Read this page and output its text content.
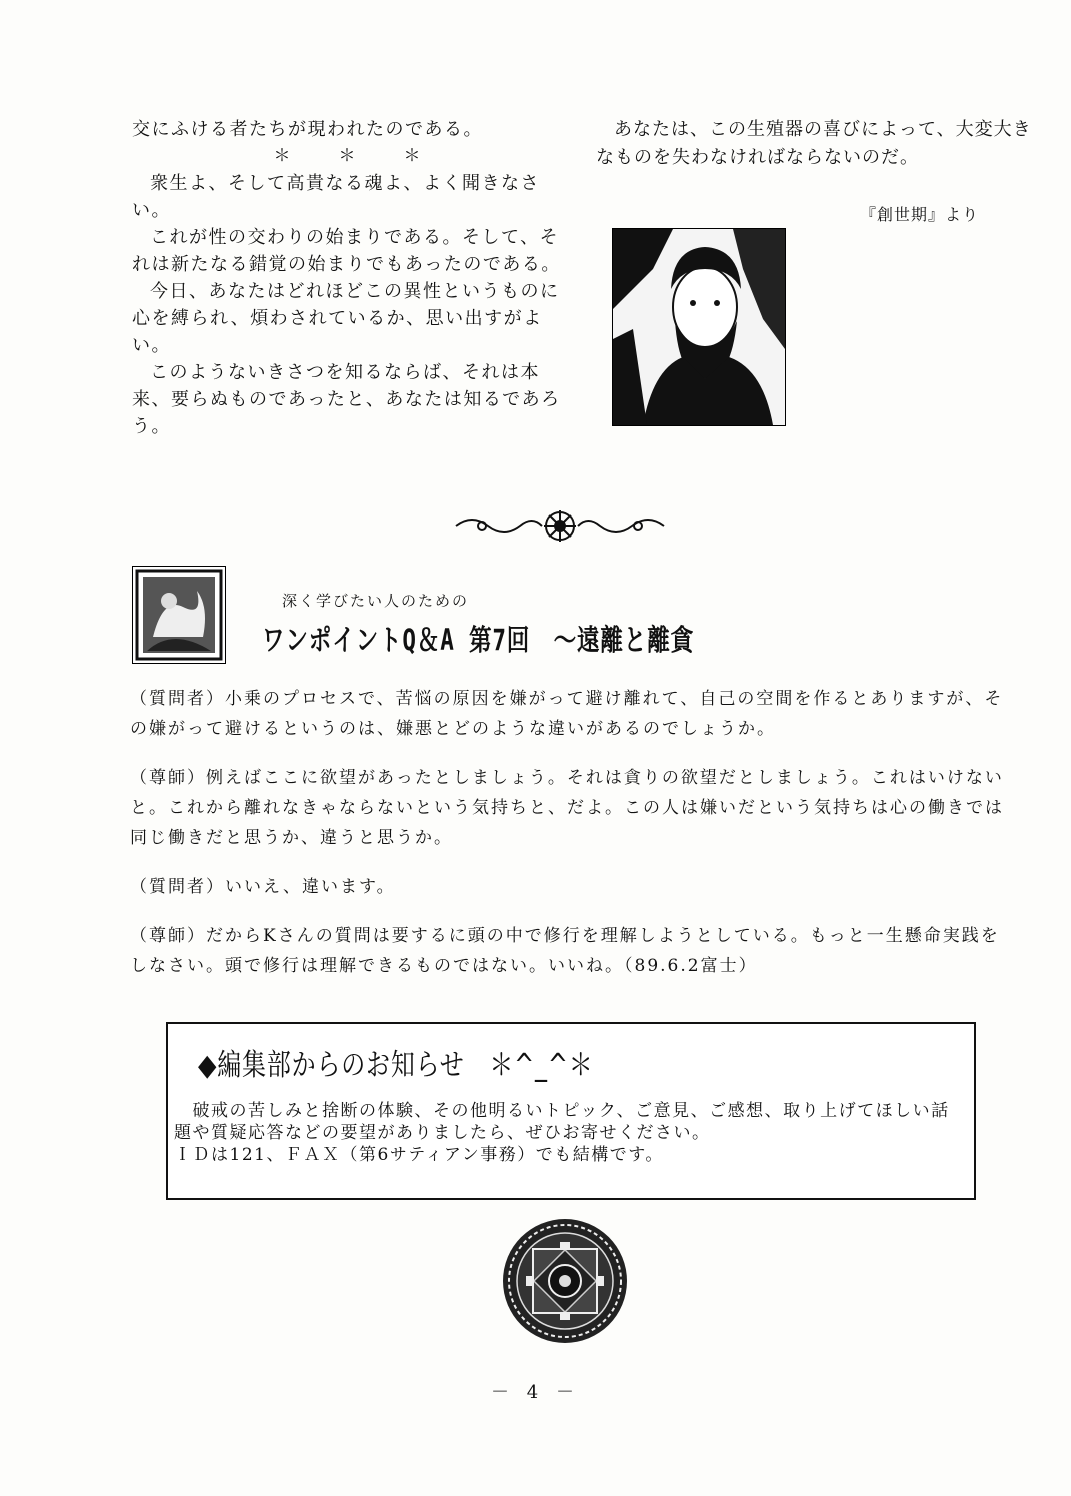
交にふける者たちが現われたのである。

＊＊＊

衆生よ、そして高貴なる魂よ、よく聞きなさい。

これが性の交わりの始まりである。そして、それは新たなる錯覚の始まりでもあったのである。

今日、あなたはどれほどこの異性というものに心を縛られ、煩わされているか、思い出すがよい。

このようないきさつを知るならば、それは本来、要らぬものであったと、あなたは知るであろう。

あなたは、この生殖器の喜びによって、大変大きなものを失わなければならないのだ。

『創世期』より
深く学びたい人のための
ワンポイントQ＆A 第7回　～遠離と離貪

（質問者）小乗のプロセスで、苦悩の原因を嫌がって避け離れて、自己の空間を作るとありますが、その嫌がって避けるというのは、嫌悪とどのような違いがあるのでしょうか。

（尊師）例えばここに欲望があったとしましょう。それは貪りの欲望だとしましょう。これはいけないと。これから離れなきゃならないという気持ちと、だよ。この人は嫌いだという気持ちは心の働きでは同じ働きだと思うか、違うと思うか。

（質問者）いいえ、違います。

（尊師）だからKさんの質問は要するに頭の中で修行を理解しようとしている。もっと一生懸命実践をしなさい。頭で修行は理解できるものではない。いいね。（89.6.2富士）

◆編集部からのお知らせ　＊^_^＊

　破戒の苦しみと捨断の体験、その他明るいトピック、ご意見、ご感想、取り上げてほしい話題や質疑応答などの要望がありましたら、ぜひお寄せください。

ＩＤは121、ＦＡＸ（第6サティアン事務）でも結構です。

－ 4 －
